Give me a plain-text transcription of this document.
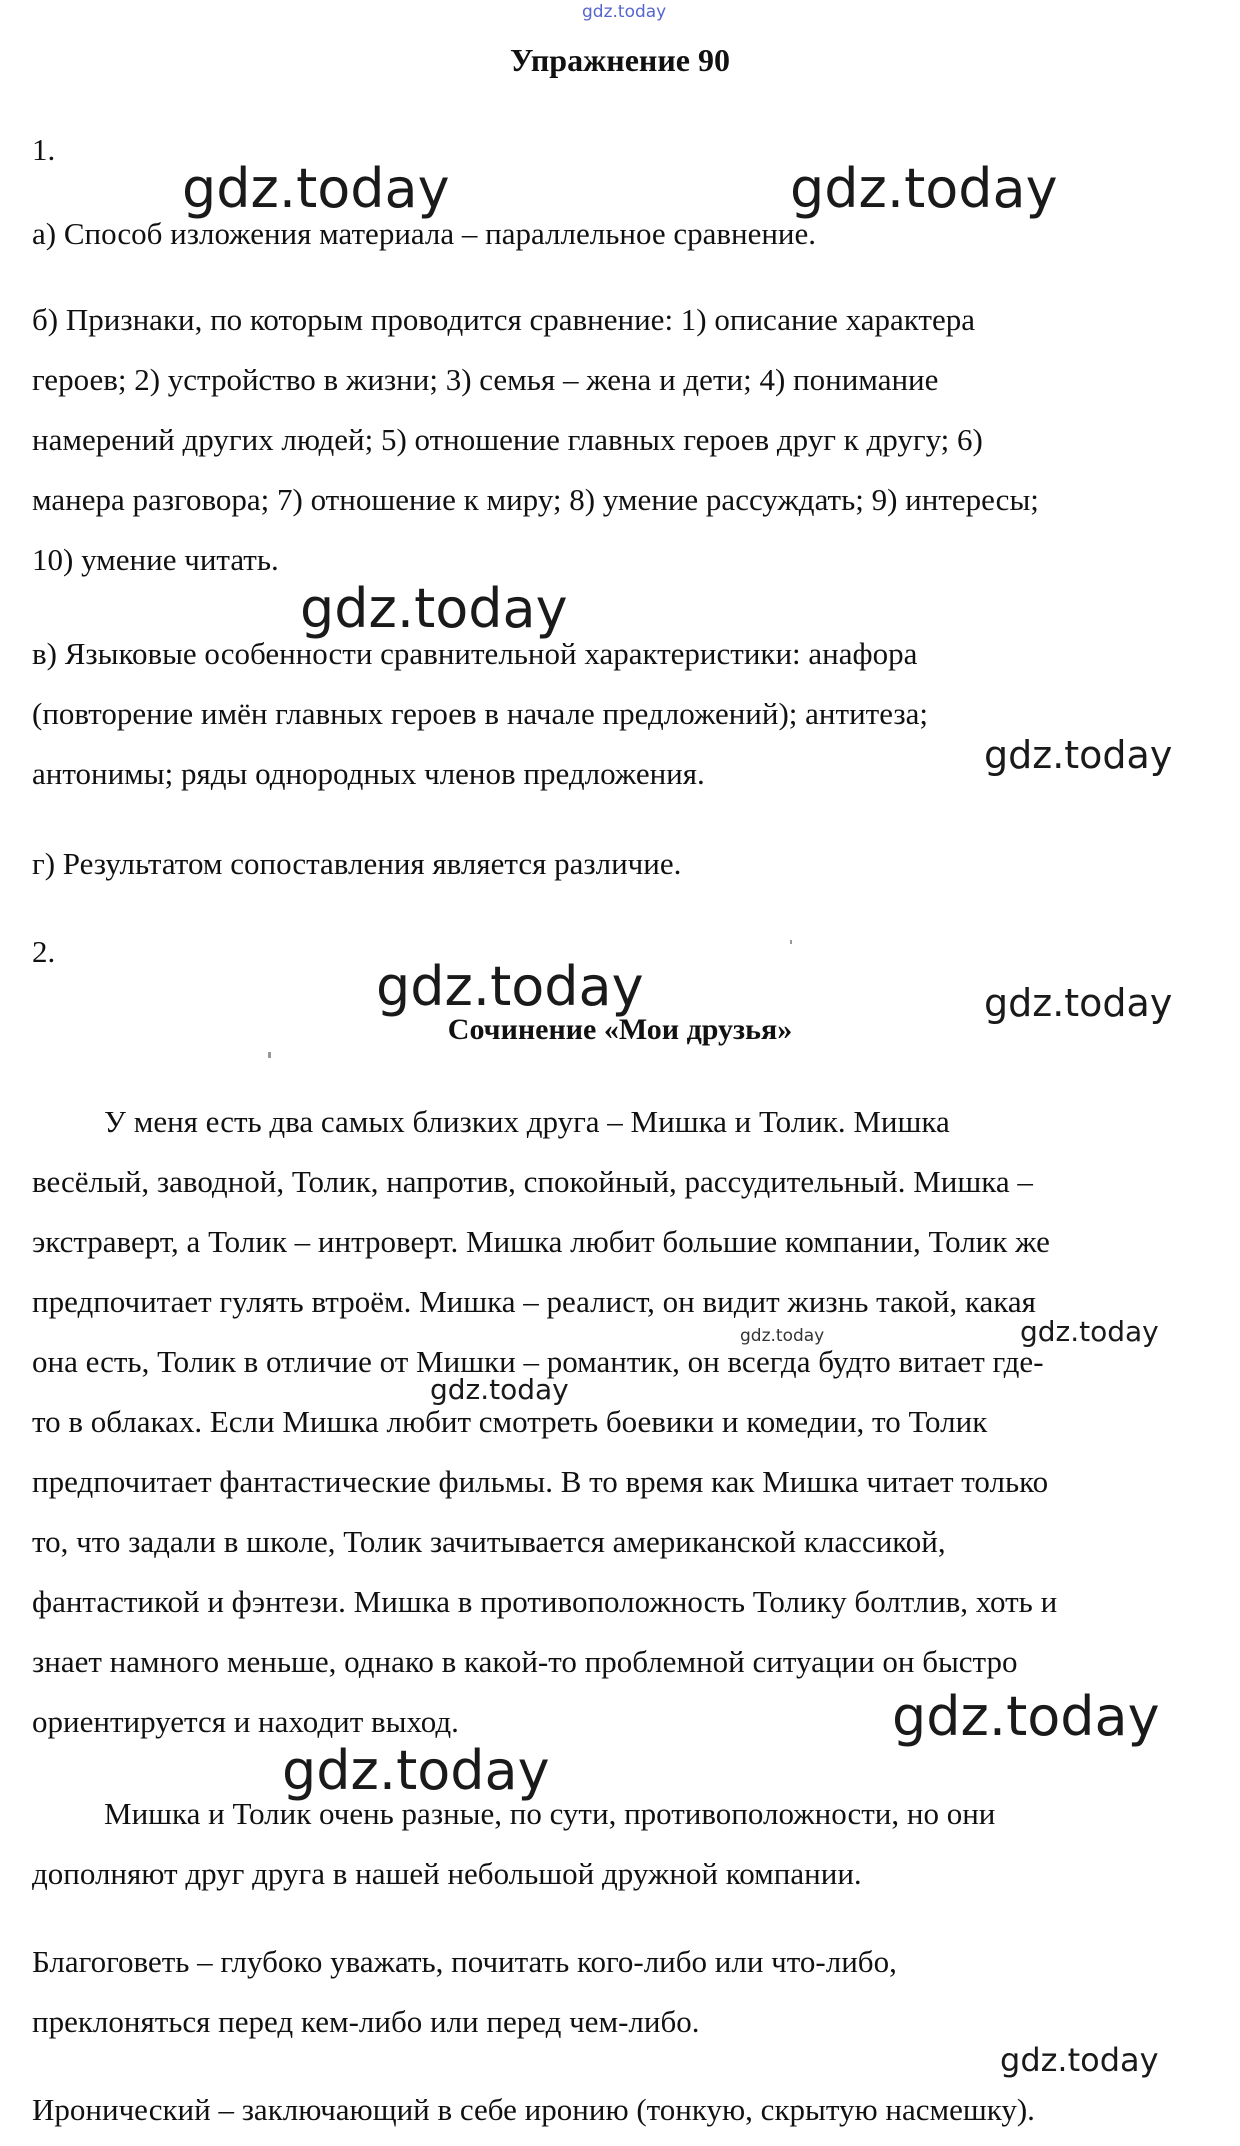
gdz.today
Упражнение 90
1.
а) Способ изложения материала – параллельное сравнение.
б) Признаки, по которым проводится сравнение: 1) описание характера
героев; 2) устройство в жизни; 3) семья – жена и дети; 4) понимание
намерений других людей; 5) отношение главных героев друг к другу; 6)
манера разговора; 7) отношение к миру; 8) умение рассуждать; 9) интересы;
10) умение читать.
в) Языковые особенности сравнительной характеристики: анафора
(повторение имён главных героев в начале предложений); антитеза;
антонимы; ряды однородных членов предложения.
г) Результатом сопоставления является различие.
2.
Сочинение «Мои друзья»
У меня есть два самых близких друга – Мишка и Толик. Мишка
весёлый, заводной, Толик, напротив, спокойный, рассудительный. Мишка –
экстраверт, а Толик – интроверт. Мишка любит большие компании, Толик же
предпочитает гулять втроём. Мишка – реалист, он видит жизнь такой, какая
она есть, Толик в отличие от Мишки – романтик, он всегда будто витает где-
то в облаках. Если Мишка любит смотреть боевики и комедии, то Толик
предпочитает фантастические фильмы. В то время как Мишка читает только
то, что задали в школе, Толик зачитывается американской классикой,
фантастикой и фэнтези. Мишка в противоположность Толику болтлив, хоть и
знает намного меньше, однако в какой-то проблемной ситуации он быстро
ориентируется и находит выход.
Мишка и Толик очень разные, по сути, противоположности, но они
дополняют друг друга в нашей небольшой дружной компании.
Благоговеть – глубоко уважать, почитать кого-либо или что-либо,
преклоняться перед кем-либо или перед чем-либо.
Иронический – заключающий в себе иронию (тонкую, скрытую насмешку).
gdz.today	gdz.today
gdz.today
gdz.today
gdz.today	gdz.today
gdz.today	gdz.today
gdz.today
gdz.today
gdz.today
gdz.today
